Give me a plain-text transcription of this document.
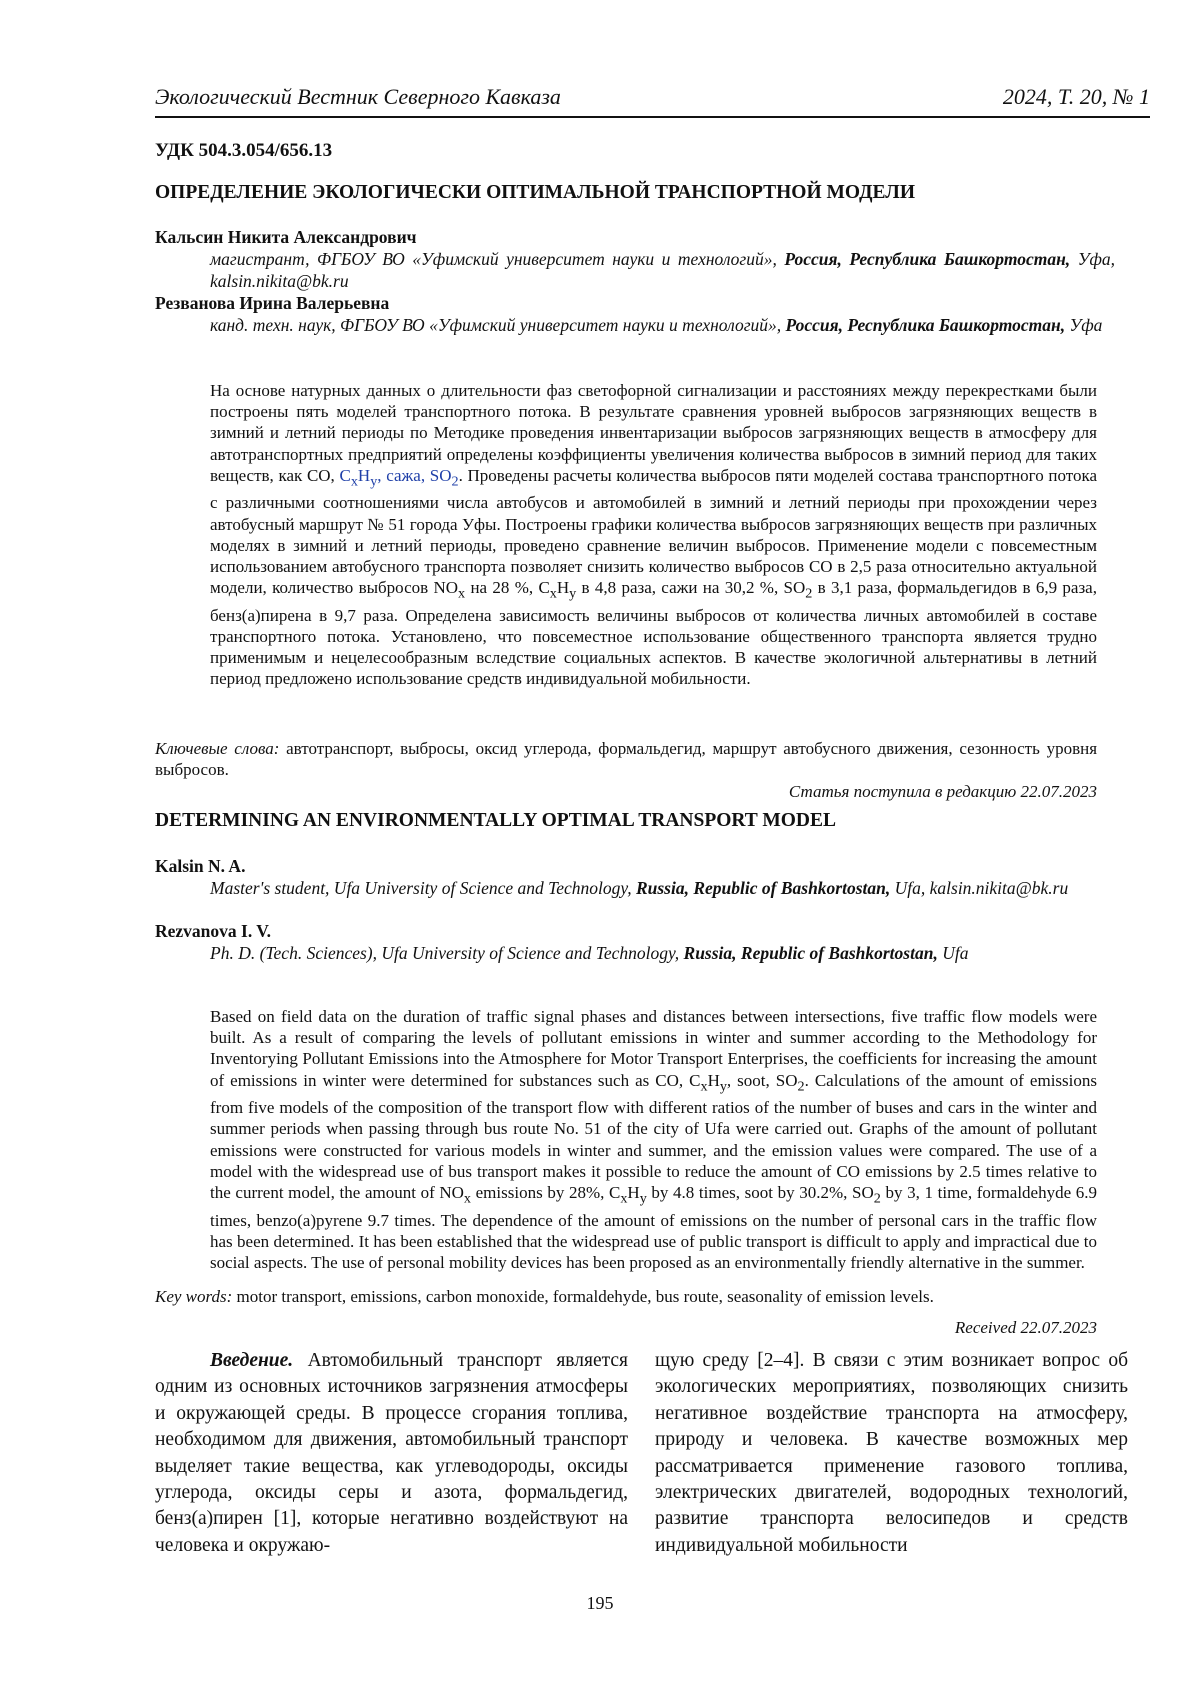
Экологический Вестник Северного Кавказа	2024, Т. 20, № 1
УДК 504.3.054/656.13
ОПРЕДЕЛЕНИЕ ЭКОЛОГИЧЕСКИ ОПТИМАЛЬНОЙ ТРАНСПОРТНОЙ МОДЕЛИ
Кальсин Никита Александрович
магистрант, ФГБОУ ВО «Уфимский университет науки и технологий», Россия, Республика Башкортостан, Уфа, kalsin.nikita@bk.ru
Резванова Ирина Валерьевна
канд. техн. наук, ФГБОУ ВО «Уфимский университет науки и технологий», Россия, Республика Башкортостан, Уфа

На основе натурных данных о длительности фаз светофорной сигнализации и расстояниях между перекрестками были построены пять моделей транспортного потока. В результате сравнения уровней выбросов загрязняющих веществ в зимний и летний периоды по Методике проведения инвентаризации выбросов загрязняющих веществ в атмосферу для автотранспортных предприятий определены коэффициенты увеличения количества выбросов в зимний период для таких веществ, как CO, $C_xH_y$, сажа, $SO_2$. Проведены расчеты количества выбросов пяти моделей состава транспортного потока с различными соотношениями числа автобусов и автомобилей в зимний и летний периоды при прохождении через автобусный маршрут № 51 города Уфы. Построены графики количества выбросов загрязняющих веществ при различных моделях в зимний и летний периоды, проведено сравнение величин выбросов. Применение модели с повсеместным использованием автобусного транспорта позволяет снизить количество выбросов CO в 2,5 раза относительно актуальной модели, количество выбросов $NO_x$ на 28 %, $C_xH_y$ в 4,8 раза, сажи на 30,2 %, $SO_2$ в 3,1 раза, формальдегидов в 6,9 раза, бенз(а)пирена в 9,7 раза. Определена зависимость величины выбросов от количества личных автомобилей в составе транспортного потока. Установлено, что повсеместное использование общественного транспорта является трудно применимым и нецелесообразным вследствие социальных аспектов. В качестве экологичной альтернативы в летний период предложено использование средств индивидуальной мобильности.

Ключевые слова: автотранспорт, выбросы, оксид углерода, формальдегид, маршрут автобусного движения, сезонность уровня выбросов.
Статья поступила в редакцию 22.07.2023
DETERMINING AN ENVIRONMENTALLY OPTIMAL TRANSPORT MODEL
Kalsin N. A.
Master's student, Ufa University of Science and Technology, Russia, Republic of Bashkortostan, Ufa, kalsin.nikita@bk.ru
Rezvanova I. V.
Ph. D. (Tech. Sciences), Ufa University of Science and Technology, Russia, Republic of Bashkortostan, Ufa

Based on field data on the duration of traffic signal phases and distances between intersections, five traffic flow models were built. As a result of comparing the levels of pollutant emissions in winter and summer according to the Methodology for Inventorying Pollutant Emissions into the Atmosphere for Motor Transport Enterprises, the coefficients for increasing the amount of emissions in winter were determined for substances such as CO, $C_xH_y$, soot, $SO_2$. Calculations of the amount of emissions from five models of the composition of the transport flow with different ratios of the number of buses and cars in the winter and summer periods when passing through bus route No. 51 of the city of Ufa were carried out. Graphs of the amount of pollutant emissions were constructed for various models in winter and summer, and the emission values were compared. The use of a model with the widespread use of bus transport makes it possible to reduce the amount of CO emissions by 2.5 times relative to the current model, the amount of $NO_x$ emissions by 28%, $C_xH_y$ by 4.8 times, soot by 30.2%, $SO_2$ by 3, 1 time, formaldehyde 6.9 times, benzo(a)pyrene 9.7 times. The dependence of the amount of emissions on the number of personal cars in the traffic flow has been determined. It has been established that the widespread use of public transport is difficult to apply and impractical due to social aspects. The use of personal mobility devices has been proposed as an environmentally friendly alternative in the summer.

Key words: motor transport, emissions, carbon monoxide, formaldehyde, bus route, seasonality of emission levels.
Received 22.07.2023

Введение. Автомобильный транспорт является одним из основных источников загрязнения атмосферы и окружающей среды. В процессе сгорания топлива, необходимом для движения, автомобильный транспорт выделяет такие вещества, как углеводороды, оксиды углерода, оксиды серы и азота, формальдегид, бенз(а)пирен [1], которые негативно воздействуют на человека и окружаю-

щую среду [2–4]. В связи с этим возникает вопрос об экологических мероприятиях, позволяющих снизить негативное воздействие транспорта на атмосферу, природу и человека. В качестве возможных мер рассматривается применение газового топлива, электрических двигателей, водородных технологий, развитие транспорта велосипедов и средств индивидуальной мобильности

195
